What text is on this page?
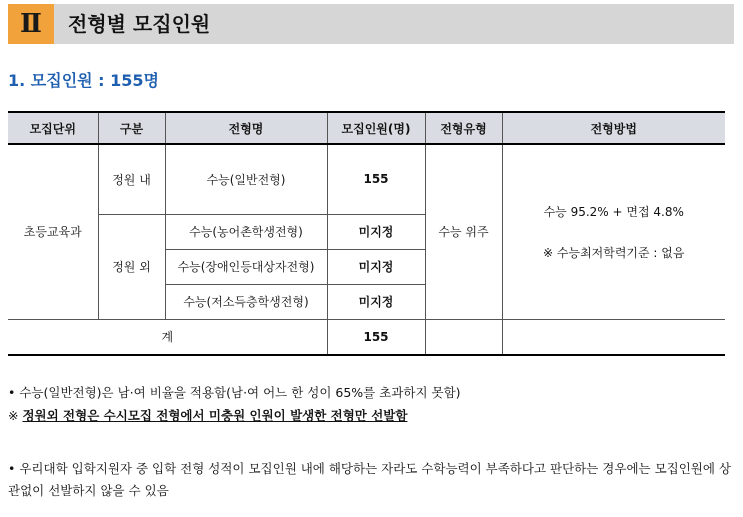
Ⅱ	전형별 모집인원
1. 모집인원 : 155명
모집단위	구분	전형명	모집인원(명)	전형유형	전형방법
초등교육과	정원 내	수능(일반전형)	155	수능 위주	수능 95.2% + 면접 4.8%

※ 수능최저학력기준 : 없음

	정원 외	수능(농어촌학생전형)	미지정		
		수능(장애인등대상자전형)	미지정		
		수능(저소득층학생전형)	미지정		
계			155		
• 수능(일반전형)은 남·여 비율을 적용함(남·여 어느 한 성이 65%를 초과하지 못함)
※ 정원외 전형은 수시모집 전형에서 미충원 인원이 발생한 전형만 선발함
• 우리대학 입학지원자 중 입학 전형 성적이 모집인원 내에 해당하는 자라도 수학능력이 부족하다고 판단하는 경우에는 모집인원에 상관없이 선발하지 않을 수 있음
